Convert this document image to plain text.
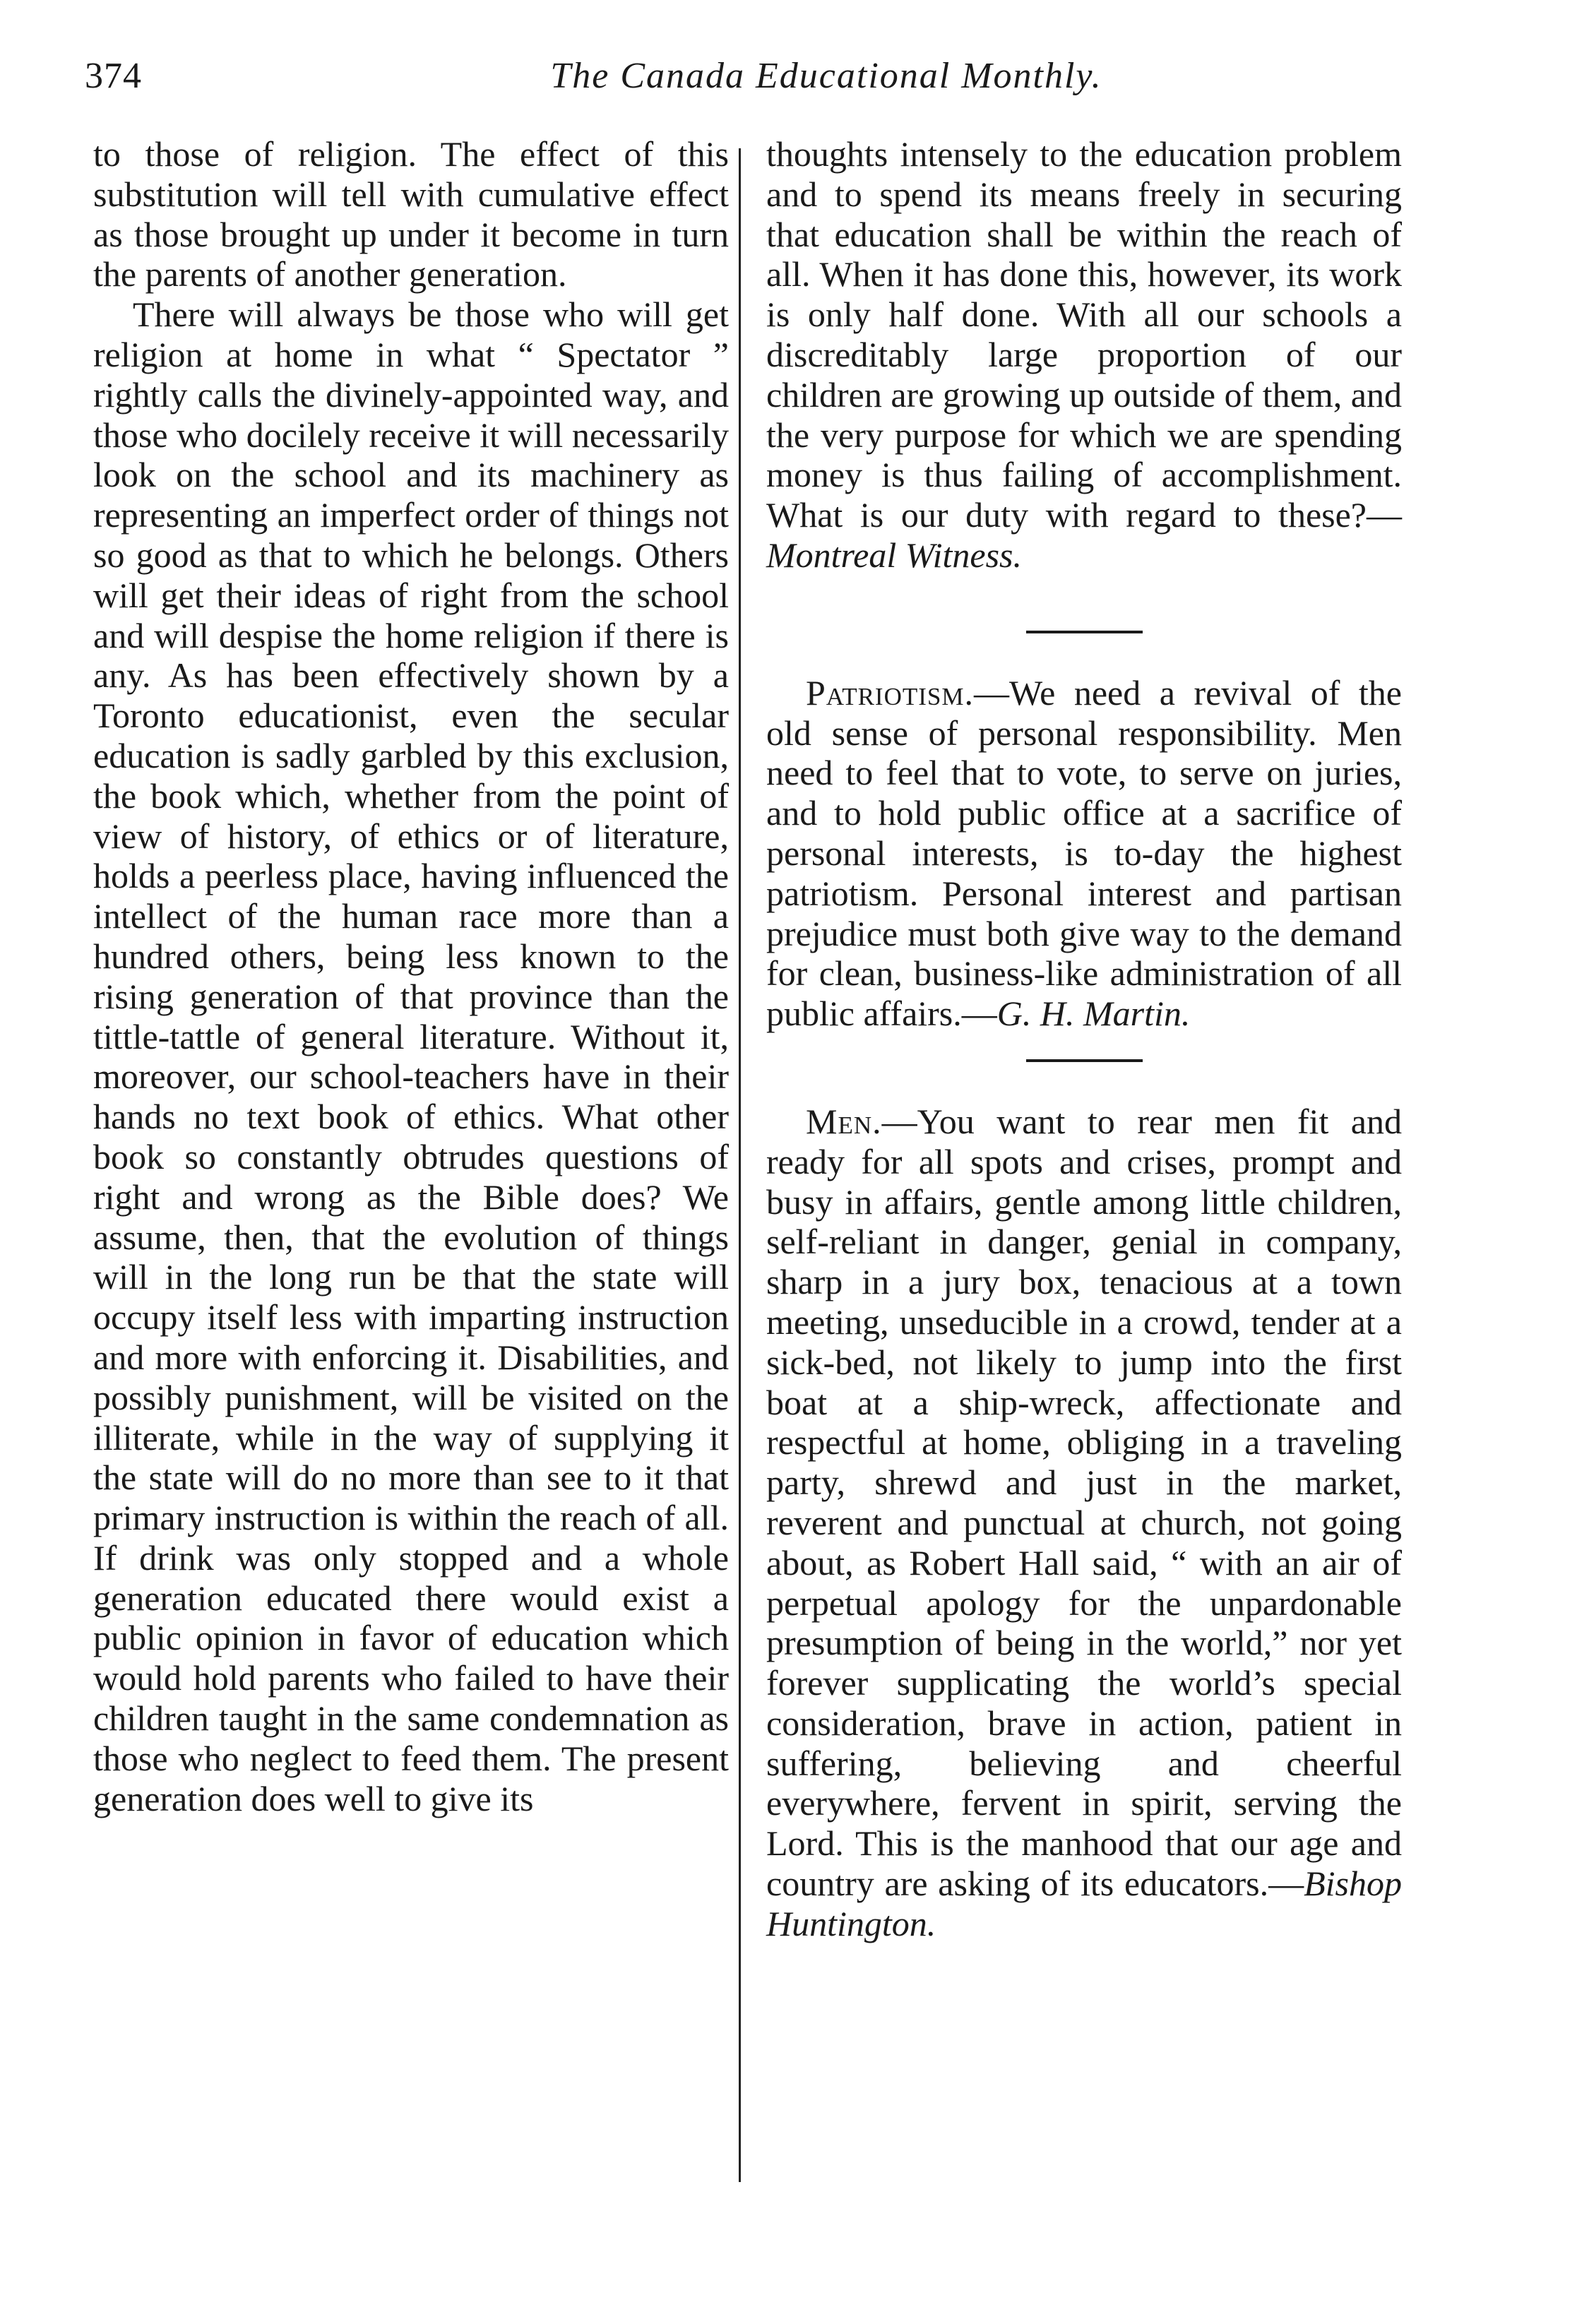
374	The Canada Educational Monthly.

to those of religion. The effect of this substitution will tell with cumulative effect as those brought up under it become in turn the parents of another generation.

There will always be those who will get religion at home in what “ Spectator ” rightly calls the divinely-appointed way, and those who docilely receive it will necessarily look on the school and its machinery as representing an imperfect order of things not so good as that to which he belongs. Others will get their ideas of right from the school and will despise the home religion if there is any. As has been effectively shown by a Toronto educationist, even the secular education is sadly garbled by this exclusion, the book which, whether from the point of view of history, of ethics or of literature, holds a peerless place, having influenced the intellect of the human race more than a hundred others, being less known to the rising generation of that province than the tittle-tattle of general literature. Without it, moreover, our school-teachers have in their hands no text book of ethics. What other book so constantly obtrudes questions of right and wrong as the Bible does? We assume, then, that the evolution of things will in the long run be that the state will occupy itself less with imparting instruction and more with enforcing it. Disabilities, and possibly punishment, will be visited on the illiterate, while in the way of supplying it the state will do no more than see to it that primary instruction is within the reach of all. If drink was only stopped and a whole generation educated there would exist a public opinion in favor of education which would hold parents who failed to have their children taught in the same condemnation as those who neglect to feed them. The present generation does well to give its

thoughts intensely to the education problem and to spend its means freely in securing that education shall be within the reach of all. When it has done this, however, its work is only half done. With all our schools a discreditably large proportion of our children are growing up outside of them, and the very purpose for which we are spending money is thus failing of accomplishment. What is our duty with regard to these?—Montreal Witness.

Patriotism.—We need a revival of the old sense of personal responsibility. Men need to feel that to vote, to serve on juries, and to hold public office at a sacrifice of personal interests, is to-day the highest patriotism. Personal interest and partisan prejudice must both give way to the demand for clean, business-like administration of all public affairs.—G. H. Martin.

Men.—You want to rear men fit and ready for all spots and crises, prompt and busy in affairs, gentle among little children, self-reliant in danger, genial in company, sharp in a jury box, tenacious at a town meeting, unseducible in a crowd, tender at a sick-bed, not likely to jump into the first boat at a ship-wreck, affectionate and respectful at home, obliging in a traveling party, shrewd and just in the market, reverent and punctual at church, not going about, as Robert Hall said, “ with an air of perpetual apology for the unpardonable presumption of being in the world,” nor yet forever supplicating the world’s special consideration, brave in action, patient in suffering, believing and cheerful everywhere, fervent in spirit, serving the Lord. This is the manhood that our age and country are asking of its educators.—Bishop Huntington.
